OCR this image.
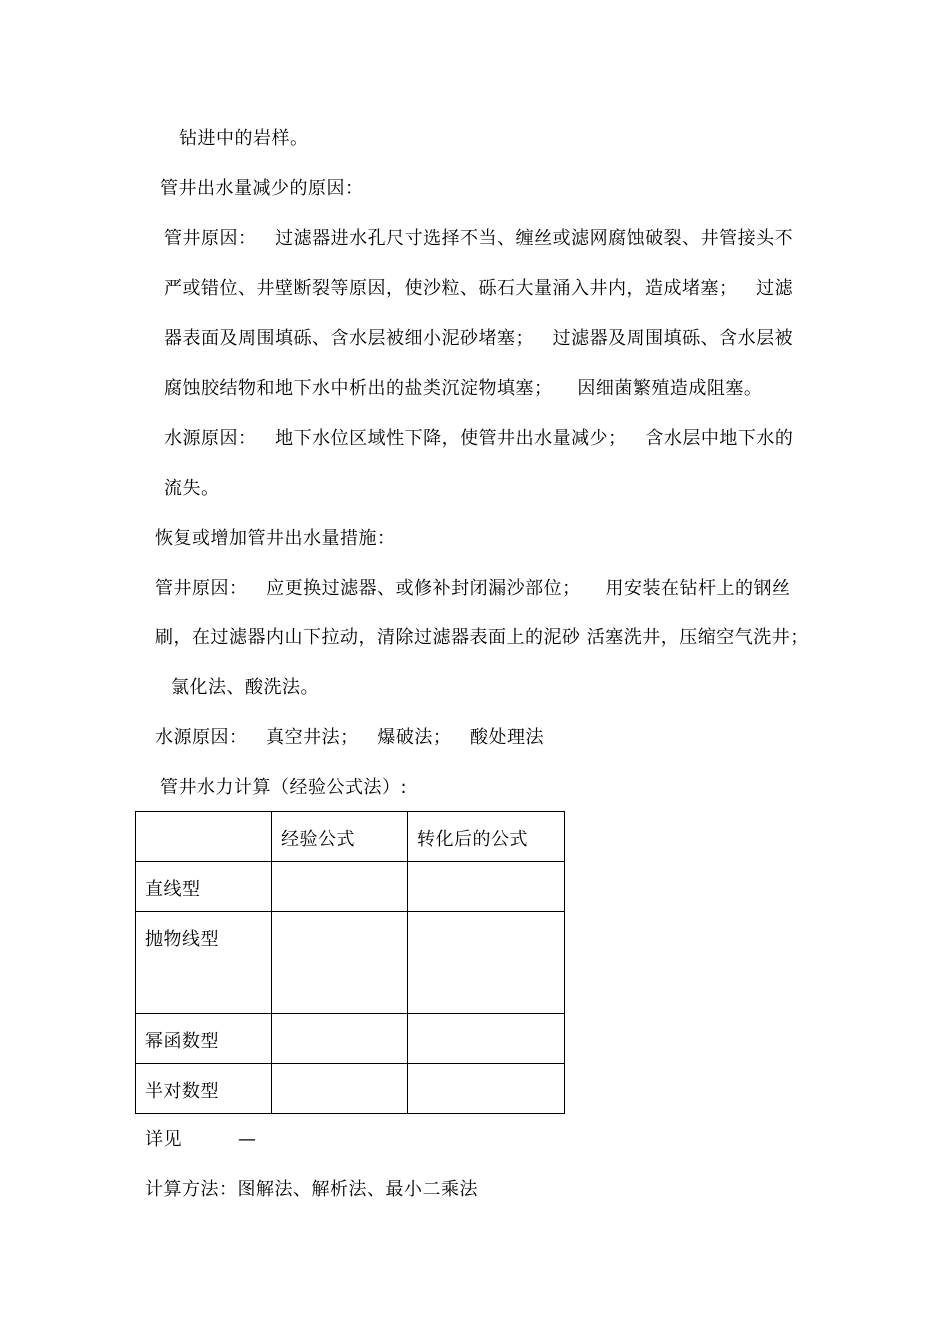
钻进中的岩样。
管井出水量减少的原因：
管井原因：   过滤器进水孔尺寸选择不当、缠丝或滤网腐蚀破裂、井管接头不
严或错位、井壁断裂等原因，使沙粒、砾石大量涌入井内，造成堵塞；   过滤
器表面及周围填砾、含水层被细小泥砂堵塞；   过滤器及周围填砾、含水层被
腐蚀胶结物和地下水中析出的盐类沉淀物填塞；    因细菌繁殖造成阻塞。
水源原因：   地下水位区域性下降，使管井出水量减少；   含水层中地下水的
流失。
恢复或增加管井出水量措施：
管井原因：   应更换过滤器、或修补封闭漏沙部位；    用安装在钻杆上的钢丝
刷，在过滤器内山下拉动，清除过滤器表面上的泥砂 活塞洗井，压缩空气洗井；
氯化法、酸洗法。
水源原因：   真空井法；   爆破法；   酸处理法
管井水力计算（经验公式法）:

	经验公式	转化后的公式

直线型		

抛物线型		

幂函数型		

半对数型		

详见         —
计算方法：图解法、解析法、最小二乘法
